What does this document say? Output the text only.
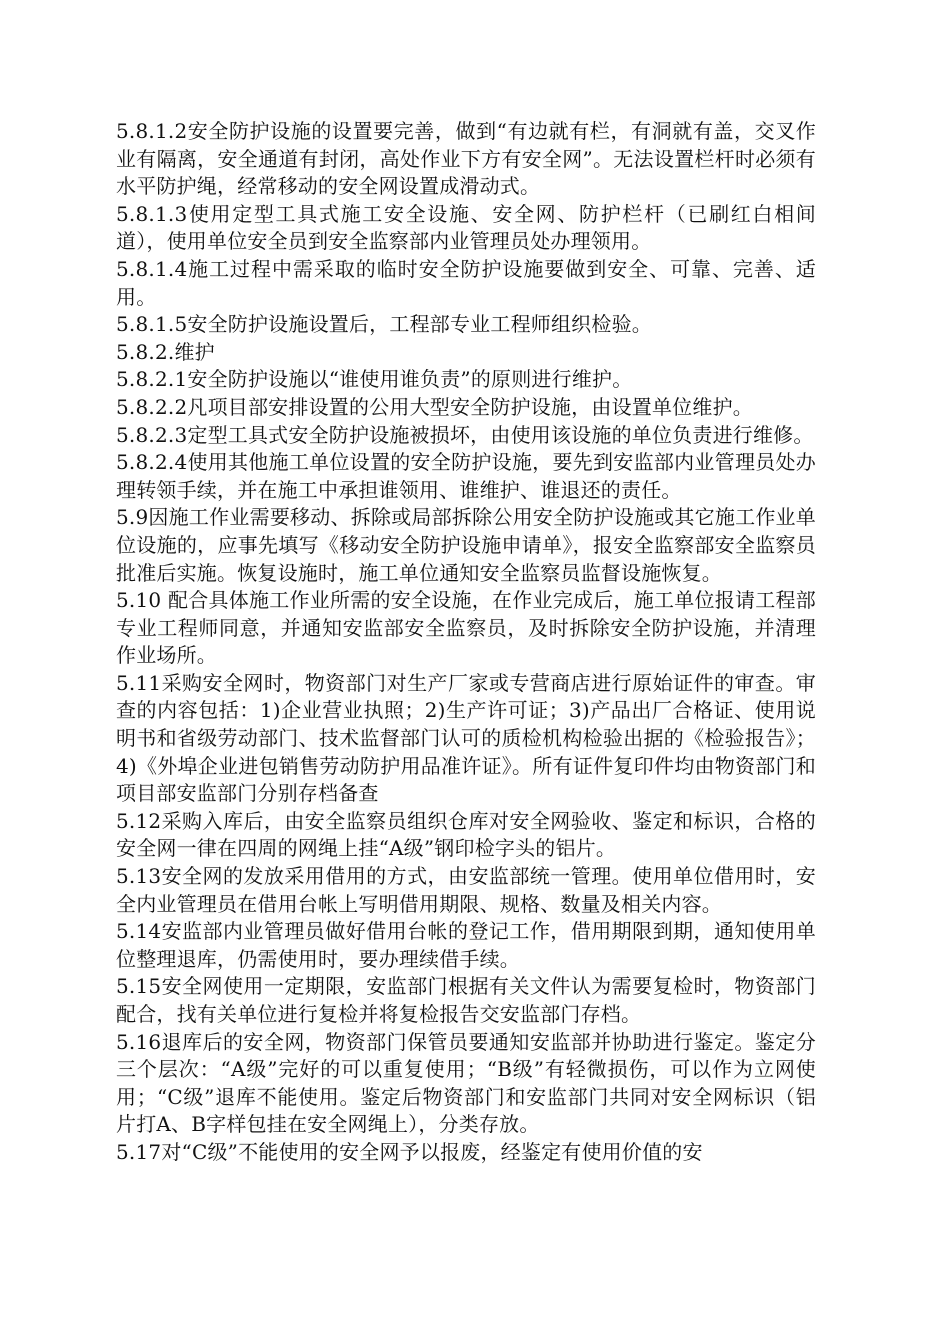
5.8.1.2安全防护设施的设置要完善，做到“有边就有栏，有洞就有盖，交叉作业有隔离，安全通道有封闭，高处作业下方有安全网”。无法设置栏杆时必须有水平防护绳，经常移动的安全网设置成滑动式。

5.8.1.3使用定型工具式施工安全设施、安全网、防护栏杆（已刷红白相间道），使用单位安全员到安全监察部内业管理员处办理领用。

5.8.1.4施工过程中需采取的临时安全防护设施要做到安全、可靠、完善、适用。

5.8.1.5安全防护设施设置后，工程部专业工程师组织检验。

5.8.2.维护

5.8.2.1安全防护设施以“谁使用谁负责”的原则进行维护。

5.8.2.2凡项目部安排设置的公用大型安全防护设施，由设置单位维护。

5.8.2.3定型工具式安全防护设施被损坏，由使用该设施的单位负责进行维修。

5.8.2.4使用其他施工单位设置的安全防护设施，要先到安监部内业管理员处办理转领手续，并在施工中承担谁领用、谁维护、谁退还的责任。

5.9因施工作业需要移动、拆除或局部拆除公用安全防护设施或其它施工作业单位设施的，应事先填写《移动安全防护设施申请单》，报安全监察部安全监察员批准后实施。恢复设施时，施工单位通知安全监察员监督设施恢复。

5.10 配合具体施工作业所需的安全设施，在作业完成后，施工单位报请工程部专业工程师同意，并通知安监部安全监察员，及时拆除安全防护设施，并清理作业场所。

5.11采购安全网时，物资部门对生产厂家或专营商店进行原始证件的审查。审查的内容包括：1)企业营业执照；2)生产许可证；3)产品出厂合格证、使用说明书和省级劳动部门、技术监督部门认可的质检机构检验出据的《检验报告》；4)《外埠企业进包销售劳动防护用品准许证》。所有证件复印件均由物资部门和项目部安监部门分别存档备查

5.12采购入库后，由安全监察员组织仓库对安全网验收、鉴定和标识，合格的安全网一律在四周的网绳上挂“A级”钢印检字头的铝片。

5.13安全网的发放采用借用的方式，由安监部统一管理。使用单位借用时，安全内业管理员在借用台帐上写明借用期限、规格、数量及相关内容。

5.14安监部内业管理员做好借用台帐的登记工作，借用期限到期，通知使用单位整理退库，仍需使用时，要办理续借手续。

5.15安全网使用一定期限，安监部门根据有关文件认为需要复检时，物资部门配合，找有关单位进行复检并将复检报告交安监部门存档。

5.16退库后的安全网，物资部门保管员要通知安监部并协助进行鉴定。鉴定分三个层次：“A级”完好的可以重复使用；“B级”有轻微损伤，可以作为立网使用；“C级”退库不能使用。鉴定后物资部门和安监部门共同对安全网标识（铝片打A、B字样包挂在安全网绳上），分类存放。

5.17对“C级”不能使用的安全网予以报废，经鉴定有使用价值的安
